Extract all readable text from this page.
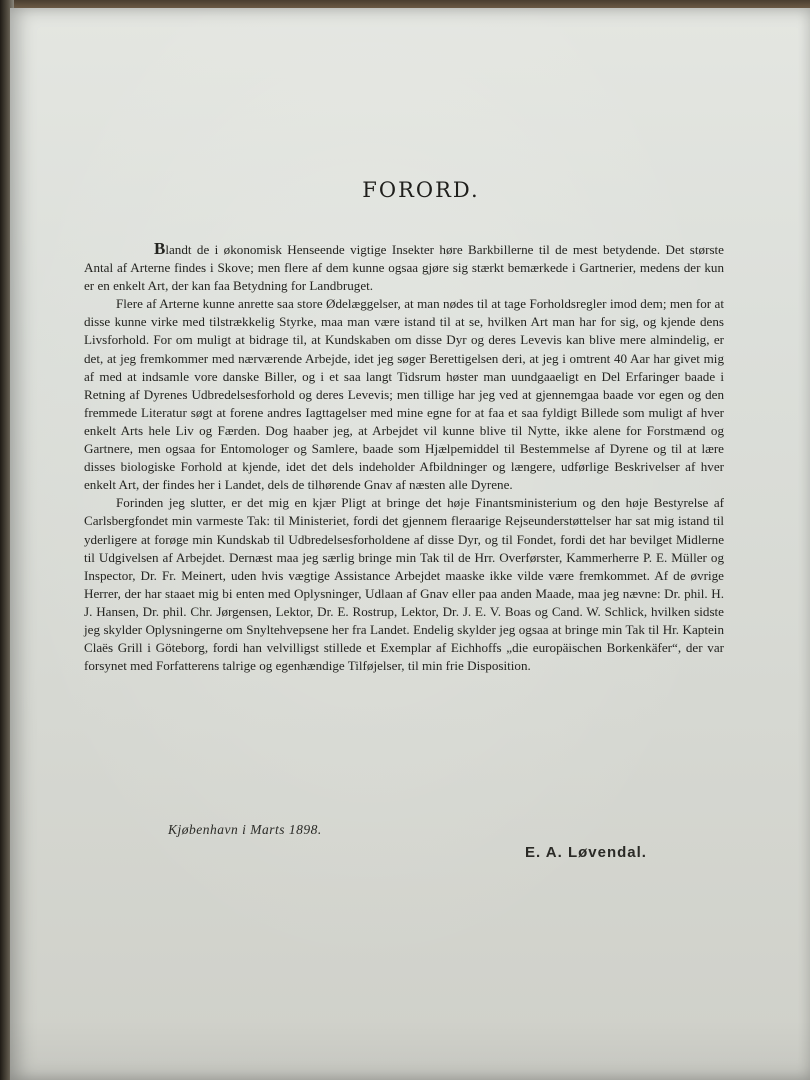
FORORD.

Blandt de i økonomisk Henseende vigtige Insekter høre Barkbillerne til de mest betydende. Det største Antal af Arterne findes i Skove; men flere af dem kunne ogsaa gjøre sig stærkt bemærkede i Gartnerier, medens der kun er en enkelt Art, der kan faa Betydning for Landbruget.

Flere af Arterne kunne anrette saa store Ødelæggelser, at man nødes til at tage Forholdsregler imod dem; men for at disse kunne virke med tilstrækkelig Styrke, maa man være istand til at se, hvilken Art man har for sig, og kjende dens Livsforhold. For om muligt at bidrage til, at Kundskaben om disse Dyr og deres Levevis kan blive mere almindelig, er det, at jeg fremkommer med nærværende Arbejde, idet jeg søger Berettigelsen deri, at jeg i omtrent 40 Aar har givet mig af med at indsamle vore danske Biller, og i et saa langt Tidsrum høster man uundgaaeligt en Del Erfaringer baade i Retning af Dyrenes Udbredelsesforhold og deres Levevis; men tillige har jeg ved at gjennemgaa baade vor egen og den fremmede Literatur søgt at forene andres Iagttagelser med mine egne for at faa et saa fyldigt Billede som muligt af hver enkelt Arts hele Liv og Færden. Dog haaber jeg, at Arbejdet vil kunne blive til Nytte, ikke alene for Forstmænd og Gartnere, men ogsaa for Entomologer og Samlere, baade som Hjælpemiddel til Bestemmelse af Dyrene og til at lære disses biologiske Forhold at kjende, idet det dels indeholder Afbildninger og længere, udførlige Beskrivelser af hver enkelt Art, der findes her i Landet, dels de tilhørende Gnav af næsten alle Dyrene.

Forinden jeg slutter, er det mig en kjær Pligt at bringe det høje Finantsministerium og den høje Bestyrelse af Carlsbergfondet min varmeste Tak: til Ministeriet, fordi det gjennem fleraarige Rejseunderstøttelser har sat mig istand til yderligere at forøge min Kundskab til Udbredelsesforholdene af disse Dyr, og til Fondet, fordi det har bevilget Midlerne til Udgivelsen af Arbejdet. Dernæst maa jeg særlig bringe min Tak til de Hrr. Overførster, Kammerherre P. E. Müller og Inspector, Dr. Fr. Meinert, uden hvis vægtige Assistance Arbejdet maaske ikke vilde være fremkommet. Af de øvrige Herrer, der har staaet mig bi enten med Oplysninger, Udlaan af Gnav eller paa anden Maade, maa jeg nævne: Dr. phil. H. J. Hansen, Dr. phil. Chr. Jørgensen, Lektor, Dr. E. Rostrup, Lektor, Dr. J. E. V. Boas og Cand. W. Schlick, hvilken sidste jeg skylder Oplysningerne om Snyltehvepsene her fra Landet. Endelig skylder jeg ogsaa at bringe min Tak til Hr. Kaptein Claës Grill i Göteborg, fordi han velvilligst stillede et Exemplar af Eichhoffs „die europäischen Borkenkäfer“, der var forsynet med Forfatterens talrige og egenhændige Tilføjelser, til min frie Disposition.

Kjøbenhavn i Marts 1898.
E. A. Løvendal.
